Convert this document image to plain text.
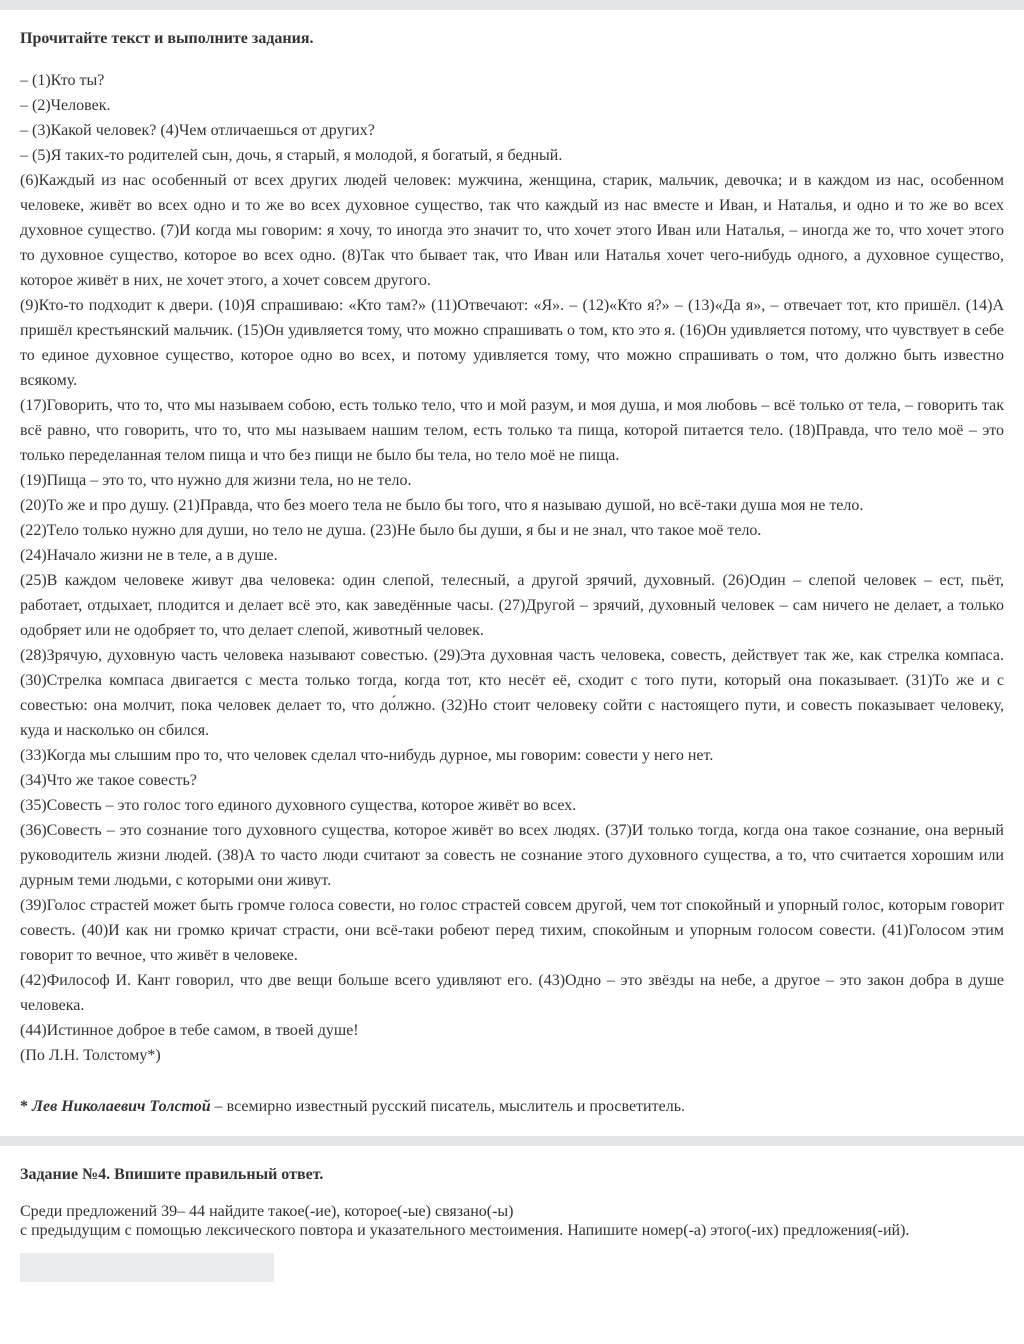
Прочитайте текст и выполните задания.

– (1)Кто ты?

– (2)Человек.

– (3)Какой человек? (4)Чем отличаешься от других?

– (5)Я таких-то родителей сын, дочь, я старый, я молодой, я богатый, я бедный.

(6)Каждый из нас особенный от всех других людей человек: мужчина, женщина, старик, мальчик, девочка; и в каждом из нас, особенном человеке, живёт во всех одно и то же во всех духовное существо, так что каждый из нас вместе и Иван, и Наталья, и одно и то же во всех духовное существо. (7)И когда мы говорим: я хочу, то иногда это значит то, что хочет этого Иван или Наталья, – иногда же то, что хочет этого то духовное существо, которое во всех одно. (8)Так что бывает так, что Иван или Наталья хочет чего-нибудь одного, а духовное существо, которое живёт в них, не хочет этого, а хочет совсем другого.

(9)Кто-то подходит к двери. (10)Я спрашиваю: «Кто там?» (11)Отвечают: «Я». – (12)«Кто я?» – (13)«Да я», – отвечает тот, кто пришёл. (14)А пришёл крестьянский мальчик. (15)Он удивляется тому, что можно спрашивать о том, кто это я. (16)Он удивляется потому, что чувствует в себе то единое духовное существо, которое одно во всех, и потому удивляется тому, что можно спрашивать о том, что должно быть известно всякому.

(17)Говорить, что то, что мы называем собою, есть только тело, что и мой разум, и моя душа, и моя любовь – всё только от тела, – говорить так всё равно, что говорить, что то, что мы называем нашим телом, есть только та пища, которой питается тело. (18)Правда, что тело моё – это только переделанная телом пища и что без пищи не было бы тела, но тело моё не пища.

(19)Пища – это то, что нужно для жизни тела, но не тело.

(20)То же и про душу. (21)Правда, что без моего тела не было бы того, что я называю душой, но всё-таки душа моя не тело.

(22)Тело только нужно для души, но тело не душа. (23)Не было бы души, я бы и не знал, что такое моё тело.

(24)Начало жизни не в теле, а в душе.

(25)В каждом человеке живут два человека: один слепой, телесный, а другой зрячий, духовный. (26)Один – слепой человек – ест, пьёт, работает, отдыхает, плодится и делает всё это, как заведённые часы. (27)Другой – зрячий, духовный человек – сам ничего не делает, а только одобряет или не одобряет то, что делает слепой, животный человек.

(28)Зрячую, духовную часть человека называют совестью. (29)Эта духовная часть человека, совесть, действует так же, как стрелка компаса. (30)Стрелка компаса двигается с места только тогда, когда тот, кто несёт её, сходит с того пути, который она показывает. (31)То же и с совестью: она молчит, пока человек делает то, что до́лжно. (32)Но стоит человеку сойти с настоящего пути, и совесть показывает человеку, куда и насколько он сбился.

(33)Когда мы слышим про то, что человек сделал что-нибудь дурное, мы говорим: совести у него нет.

(34)Что же такое совесть?

(35)Совесть – это голос того единого духовного существа, которое живёт во всех.

(36)Совесть – это сознание того духовного существа, которое живёт во всех людях. (37)И только тогда, когда она такое сознание, она верный руководитель жизни людей. (38)А то часто люди считают за совесть не сознание этого духовного существа, а то, что считается хорошим или дурным теми людьми, с которыми они живут.

(39)Голос страстей может быть громче голоса совести, но голос страстей совсем другой, чем тот спокойный и упорный голос, которым говорит совесть. (40)И как ни громко кричат страсти, они всё-таки робеют перед тихим, спокойным и упорным голосом совести. (41)Голосом этим говорит то вечное, что живёт в человеке.

(42)Философ И. Кант говорил, что две вещи больше всего удивляют его. (43)Одно – это звёзды на небе, а другое – это закон добра в душе человека.

(44)Истинное доброе в тебе самом, в твоей душе!

(По Л.Н. Толстому*)

* Лев Николаевич Толстой – всемирно известный русский писатель, мыслитель и просветитель.

Задание №4. Впишите правильный ответ.

Среди предложений 39– 44 найдите такое(-ие), которое(-ые) связано(-ы)

с предыдущим с помощью лексического повтора и указательного местоимения. Напишите номер(-а) этого(-их) предложения(-ий).
